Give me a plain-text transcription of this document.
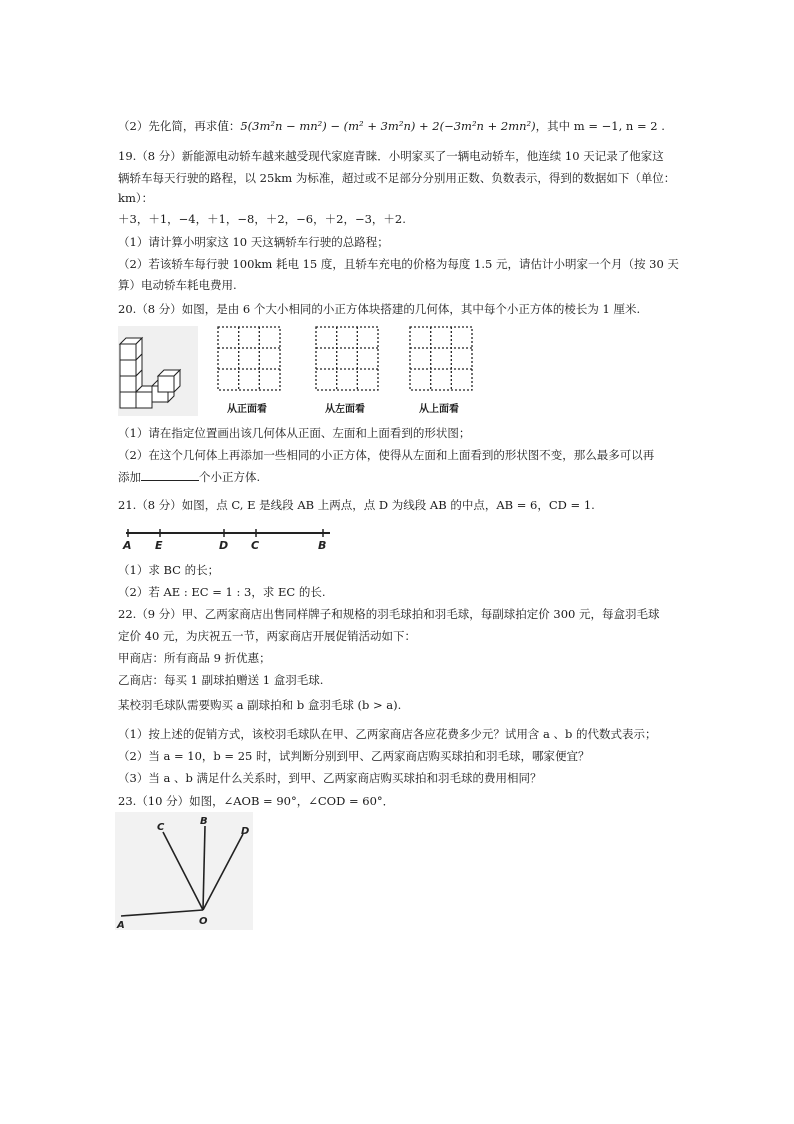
（2）先化简，再求值：5(3m²n − mn²) − (m² + 3m²n) + 2(−3m²n + 2mn²)，其中 m = −1, n = 2 .
19.（8 分）新能源电动轿车越来越受现代家庭青睐．小明家买了一辆电动轿车，他连续 10 天记录了他家这
辆轿车每天行驶的路程，以 25km 为标准，超过或不足部分分别用正数、负数表示，得到的数据如下（单位：
km）：
＋3，＋1，−4，＋1，−8，＋2，−6，＋2，−3，＋2.
（1）请计算小明家这 10 天这辆轿车行驶的总路程；
（2）若该轿车每行驶 100km 耗电 15 度，且轿车充电的价格为每度 1.5 元，请估计小明家一个月（按 30 天
算）电动轿车耗电费用.
20.（8 分）如图，是由 6 个大小相同的小正方体块搭建的几何体，其中每个小正方体的棱长为 1 厘米.
从正面看	从左面看	从上面看
（1）请在指定位置画出该几何体从正面、左面和上面看到的形状图；
（2）在这个几何体上再添加一些相同的小正方体，使得从左面和上面看到的形状图不变，那么最多可以再
添加	个小正方体.
21.（8 分）如图，点 C, E 是线段 AB 上两点，点 D 为线段 AB 的中点，AB = 6，CD = 1.
A E	D C	B
（1）求 BC 的长；
（2）若 AE : EC = 1 : 3，求 EC 的长.
22.（9 分）甲、乙两家商店出售同样牌子和规格的羽毛球拍和羽毛球，每副球拍定价 300 元，每盒羽毛球
定价 40 元，为庆祝五一节，两家商店开展促销活动如下：
甲商店：所有商品 9 折优惠；
乙商店：每买 1 副球拍赠送 1 盒羽毛球.
某校羽毛球队需要购买 a 副球拍和 b 盒羽毛球 (b > a).
（1）按上述的促销方式，该校羽毛球队在甲、乙两家商店各应花费多少元？试用含 a 、b 的代数式表示；
（2）当 a = 10，b = 25 时，试判断分别到甲、乙两家商店购买球拍和羽毛球，哪家便宜？
（3）当 a 、b 满足什么关系时，到甲、乙两家商店购买球拍和羽毛球的费用相同？
23.（10 分）如图，∠AOB = 90°，∠COD = 60°．
A	O
B
C	D
